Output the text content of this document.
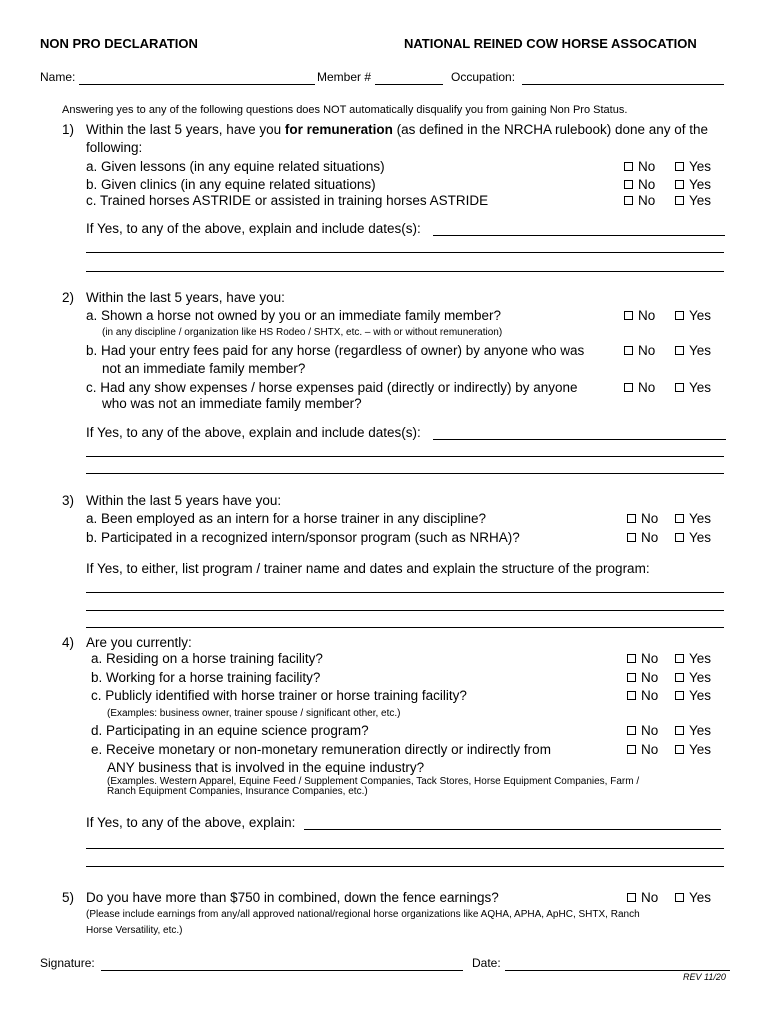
NON PRO DECLARATION	NATIONAL REINED COW HORSE ASSOCATION
Name:	Member #	Occupation:
Answering yes to any of the following questions does NOT automatically disqualify you from gaining Non Pro Status.
1) Within the last 5 years, have you for remuneration (as defined in the NRCHA rulebook) done any of the
following:
a. Given lessons (in any equine related situations)	No	Yes
b. Given clinics (in any equine related situations)	No	Yes
c. Trained horses ASTRIDE or assisted in training horses ASTRIDE	No	Yes
If Yes, to any of the above, explain and include dates(s):
2) Within the last 5 years, have you:
a. Shown a horse not owned by you or an immediate family member?	No	Yes
(in any discipline / organization like HS Rodeo / SHTX, etc. – with or without remuneration)
b. Had your entry fees paid for any horse (regardless of owner) by anyone who was
not an immediate family member?
No	Yes
c. Had any show expenses / horse expenses paid (directly or indirectly) by anyone
who was not an immediate family member?
No	Yes
If Yes, to any of the above, explain and include dates(s):
3) Within the last 5 years have you:
a. Been employed as an intern for a horse trainer in any discipline?	No	Yes
b. Participated in a recognized intern/sponsor program (such as NRHA)?	No	Yes
If Yes, to either, list program / trainer name and dates and explain the structure of the program:
4) Are you currently:
a. Residing on a horse training facility?	No	Yes
b. Working for a horse training facility?	No	Yes
c. Publicly identified with horse trainer or horse training facility?	No	Yes
(Examples: business owner, trainer spouse / significant other, etc.)
d. Participating in an equine science program?	No	Yes
e. Receive monetary or non-monetary remuneration directly or indirectly from
ANY business that is involved in the equine industry?
No	Yes
(Examples. Western Apparel, Equine Feed / Supplement Companies, Tack Stores, Horse Equipment Companies, Farm /
Ranch Equipment Companies, Insurance Companies, etc.)
If Yes, to any of the above, explain:
5) Do you have more than $750 in combined, down the fence earnings?	No	Yes
(Please include earnings from any/all approved national/regional horse organizations like AQHA, APHA, ApHC, SHTX, Ranch
Horse Versatility, etc.)
Signature:	Date:
REV 11/20
